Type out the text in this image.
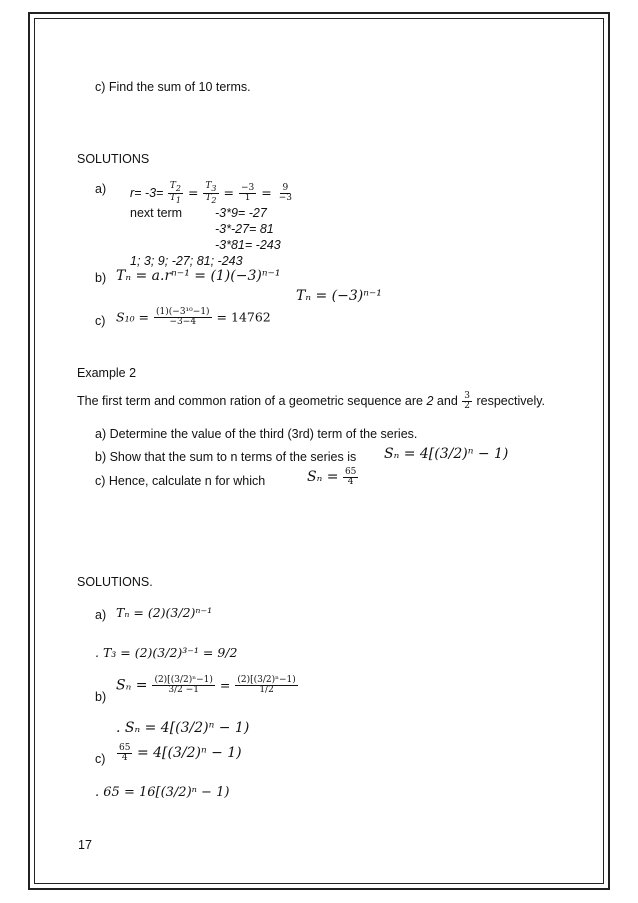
c) Find the sum of 10 terms.
SOLUTIONS
a) $r= -3= \frac{T_2}{T_1} = \frac{T_3}{T_2} = \frac{-3}{1} = \frac{9}{-3}$
next term	-3*9= -27
-3*-27= 81
-3*81= -243
1; 3; 9; -27; 81; -243
b) Tₙ = a.rⁿ⁻¹ = (1)(−3)ⁿ⁻¹
Tₙ = (−3)ⁿ⁻¹
c) $S_{10} = \frac{\text{(1)(−3¹⁰−1)}}{-3-4} = 14762$
Example 2
The first term and common ration of a geometric sequence are 2 and $\frac{3}{2}$ respectively.
a) Determine the value of the third (3rd) term of the series.
b) Show that the sum to n terms of the series is Sₙ = 4[(3/2)ⁿ − 1)
c) Hence, calculate n for which	$S_n = \frac{65}{4}$
SOLUTIONS.
a) Tₙ = (2)(3/2)ⁿ⁻¹
. T₃ = (2)(3/2)³⁻¹ = 9/2
b)
$S_n = \frac{\text{(2)[(3/2)ⁿ−1)}}{3/2 -1} = \frac{\text{(2)[(3/2)ⁿ−1)}}{1/2}$
. Sₙ = 4[(3/2)ⁿ − 1)
$c) \frac{65}{4} = 4[(3/2)^n - 1)$
. 65 = 16[(3/2)ⁿ − 1)
17
